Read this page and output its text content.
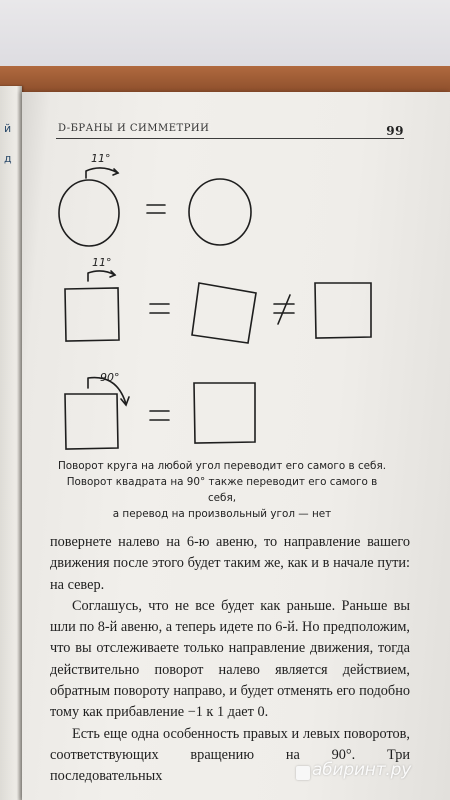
й
д
D-БРАНЫ И СИММЕТРИИ	99
11°
11°
90°
Поворот круга на любой угол переводит его самого в себя.
Поворот квадрата на 90° также переводит его самого в себя,
а перевод на произвольный угол — нет

повернете налево на 6-ю авеню, то направление вашего движения после этого будет таким же, как и в начале пути: на север.

Соглашусь, что не все будет как раньше. Раньше вы шли по 8-й авеню, а теперь идете по 6-й. Но предположим, что вы отслеживаете только направление движения, тогда действительно поворот налево является действием, обратным повороту направо, и будет отменять его подобно тому как прибавление −1 к 1 дает 0.

Есть еще одна особенность правых и левых поворотов, соответствующих вращению на 90°. Три последовательных	абиринт.ру
